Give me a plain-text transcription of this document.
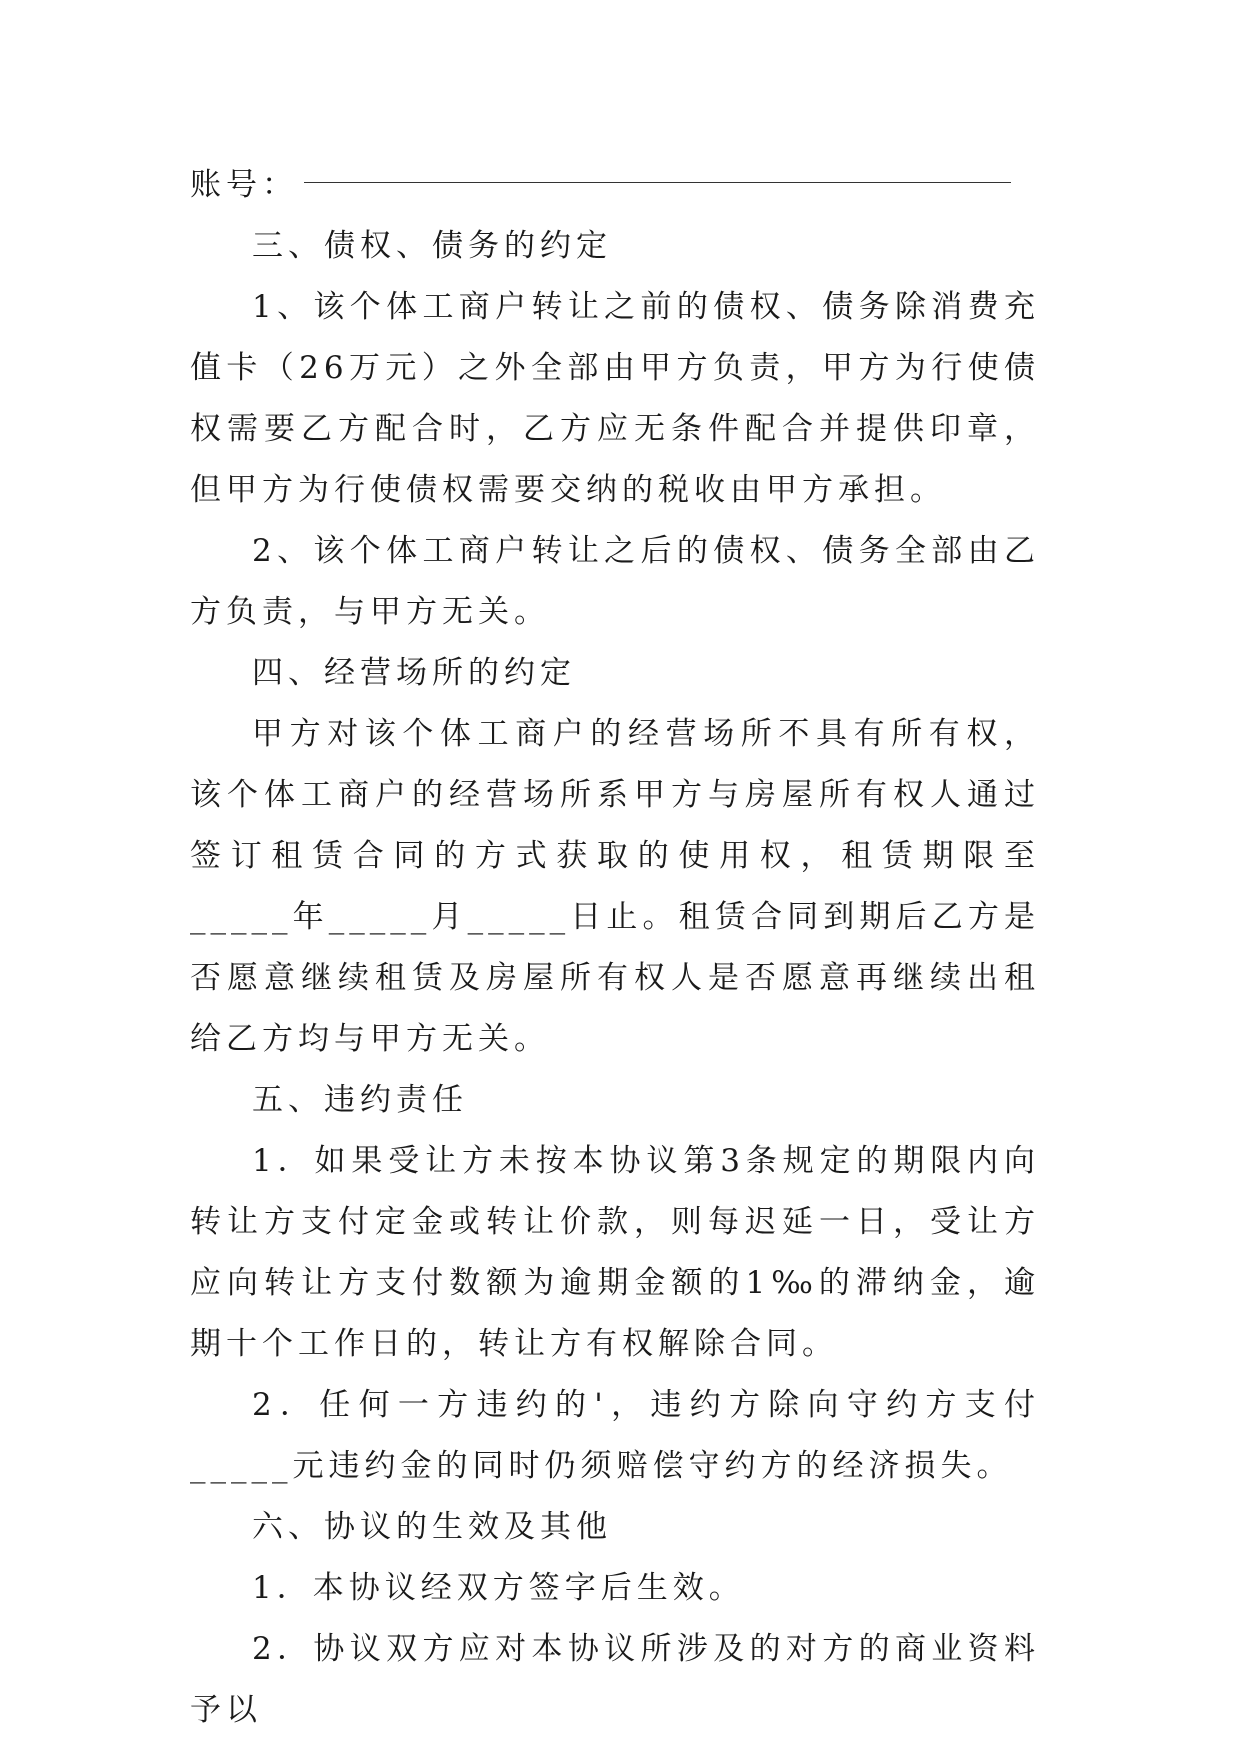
账号：

三、债权、债务的约定

1、该个体工商户转让之前的债权、债务除消费充值卡（26万元）之外全部由甲方负责，甲方为行使债权需要乙方配合时，乙方应无条件配合并提供印章，但甲方为行使债权需要交纳的税收由甲方承担。

2、该个体工商户转让之后的债权、债务全部由乙方负责，与甲方无关。

四、经营场所的约定

甲方对该个体工商户的经营场所不具有所有权，该个体工商户的经营场所系甲方与房屋所有权人通过签订租赁合同的方式获取的使用权，租赁期限至_____年_____月_____日止。租赁合同到期后乙方是否愿意继续租赁及房屋所有权人是否愿意再继续出租给乙方均与甲方无关。

五、违约责任

1．如果受让方未按本协议第3条规定的期限内向转让方支付定金或转让价款，则每迟延一日，受让方应向转让方支付数额为逾期金额的1‰的滞纳金，逾期十个工作日的，转让方有权解除合同。

2．任何一方违约的'，违约方除向守约方支付_____元违约金的同时仍须赔偿守约方的经济损失。

六、协议的生效及其他

1．本协议经双方签字后生效。

2．协议双方应对本协议所涉及的对方的商业资料予以
